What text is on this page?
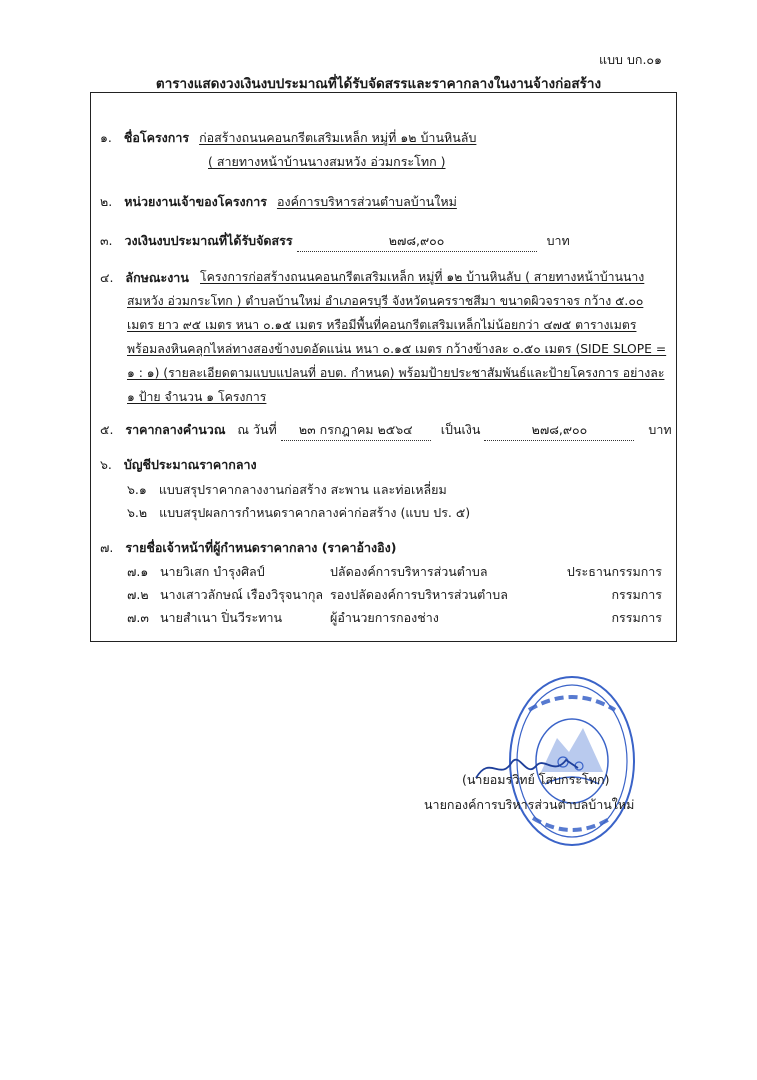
แบบ บก.๐๑
ตารางแสดงวงเงินงบประมาณที่ได้รับจัดสรรและราคากลางในงานจ้างก่อสร้าง
๑. ชื่อโครงการ ก่อสร้างถนนคอนกรีตเสริมเหล็ก หมู่ที่ ๑๒ บ้านหินลับ
( สายทางหน้าบ้านนางสมหวัง อ่วมกระโทก )
๒. หน่วยงานเจ้าของโครงการ องค์การบริหารส่วนตำบลบ้านใหม่
๓. วงเงินงบประมาณที่ได้รับจัดสรร	๒๗๘,๙๐๐	บาท
๔. ลักษณะงาน โครงการก่อสร้างถนนคอนกรีตเสริมเหล็ก หมู่ที่ ๑๒ บ้านหินลับ ( สายทางหน้าบ้านนาง
สมหวัง อ่วมกระโทก ) ตำบลบ้านใหม่ อำเภอครบุรี จังหวัดนครราชสีมา ขนาดผิวจราจร กว้าง ๕.๐๐
เมตร ยาว ๙๕ เมตร หนา ๐.๑๕ เมตร หรือมีพื้นที่คอนกรีตเสริมเหล็กไม่น้อยกว่า ๔๗๕ ตารางเมตร
พร้อมลงหินคลุกไหล่ทางสองข้างบดอัดแน่น หนา ๐.๑๕ เมตร กว้างข้างละ ๐.๕๐ เมตร (SIDE SLOPE =
๑ : ๑) (รายละเอียดตามแบบแปลนที่ อบต. กำหนด) พร้อมป้ายประชาสัมพันธ์และป้ายโครงการ อย่างละ
๑ ป้าย จำนวน ๑ โครงการ
๕. ราคากลางคำนวณ ณ วันที่ ๒๓ กรกฎาคม ๒๕๖๔ เป็นเงิน	๒๗๘,๙๐๐	บาท
๖. บัญชีประมาณราคากลาง
๖.๑ แบบสรุปราคากลางงานก่อสร้าง สะพาน และท่อเหลี่ยม
๖.๒ แบบสรุปผลการกำหนดราคากลางค่าก่อสร้าง (แบบ ปร. ๕)
๗. รายชื่อเจ้าหน้าที่ผู้กำหนดราคากลาง (ราคาอ้างอิง)
๗.๑ นายวิเสก บำรุงศิลป์	ปลัดองค์การบริหารส่วนตำบล	ประธานกรรมการ
๗.๒ นางเสาวลักษณ์ เรืองวิรุจนากุล รองปลัดองค์การบริหารส่วนตำบล	กรรมการ
๗.๓ นายสำเนา ปิ่นวีระทาน	ผู้อำนวยการกองช่าง	กรรมการ
(นายอมรวิทย์ โสบกระโทก)
นายกองค์การบริหารส่วนตำบลบ้านใหม่
